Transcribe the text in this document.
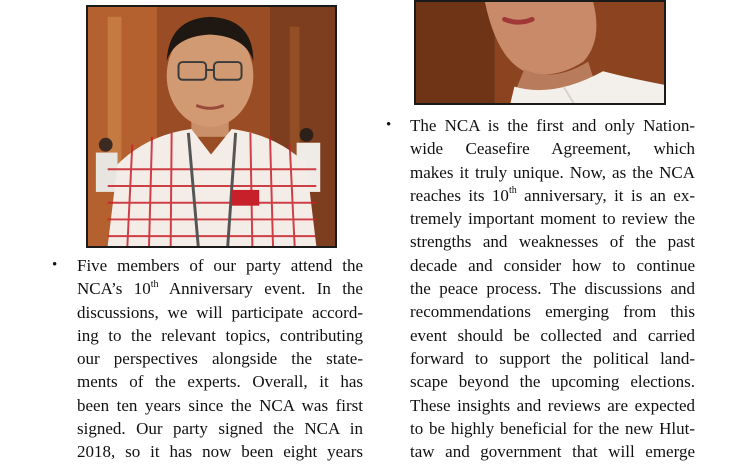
• Five members of our party attend the
NCA’s 10th Anniversary event. In the
discussions, we will participate accord-
ing to the relevant topics, contributing
our perspectives alongside the state-
ments of the experts. Overall, it has
been ten years since the NCA was first
signed. Our party signed the NCA in
2018, so it has now been eight years
• The NCA is the first and only Nation-
wide Ceasefire Agreement, which
makes it truly unique. Now, as the NCA
reaches its 10th anniversary, it is an ex-
tremely important moment to review the
strengths and weaknesses of the past
decade and consider how to continue
the peace process. The discussions and
recommendations emerging from this
event should be collected and carried
forward to support the political land-
scape beyond the upcoming elections.
These insights and reviews are expected
to be highly beneficial for the new Hlut-
taw and government that will emerge
